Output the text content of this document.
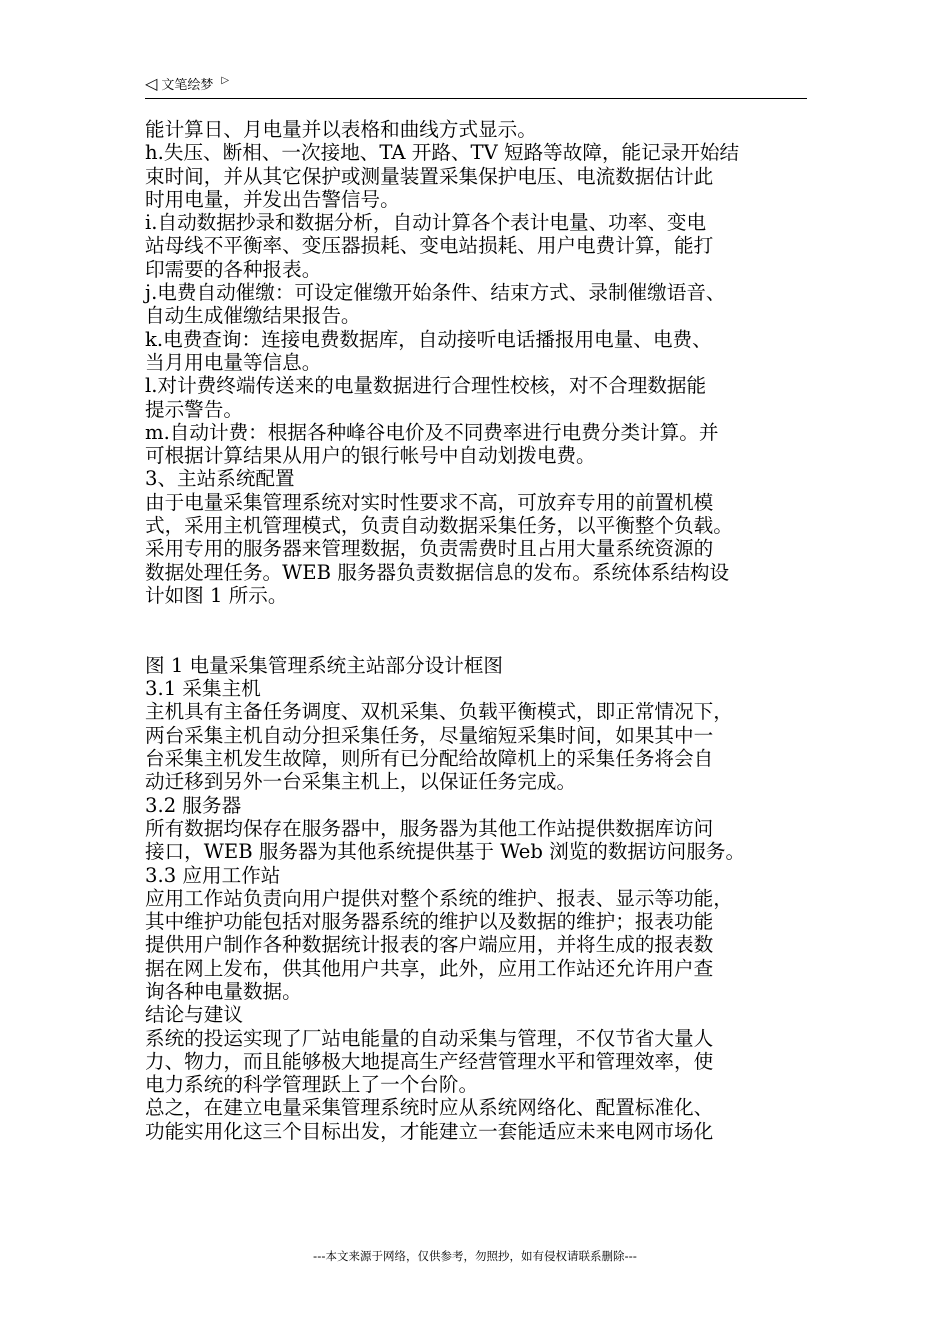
◁ 文笔绘梦 ▷
能计算日、月电量并以表格和曲线方式显示。
h.失压、断相、一次接地、TA 开路、TV 短路等故障，能记录开始结
束时间，并从其它保护或测量装置采集保护电压、电流数据估计此
时用电量，并发出告警信号。
i.自动数据抄录和数据分析，自动计算各个表计电量、功率、变电
站母线不平衡率、变压器损耗、变电站损耗、用户电费计算，能打
印需要的各种报表。
j.电费自动催缴：可设定催缴开始条件、结束方式、录制催缴语音、
自动生成催缴结果报告。
k.电费查询：连接电费数据库，自动接听电话播报用电量、电费、
当月用电量等信息。
l.对计费终端传送来的电量数据进行合理性校核，对不合理数据能
提示警告。
m.自动计费：根据各种峰谷电价及不同费率进行电费分类计算。并
可根据计算结果从用户的银行帐号中自动划拨电费。
3、主站系统配置
由于电量采集管理系统对实时性要求不高，可放弃专用的前置机模
式，采用主机管理模式，负责自动数据采集任务，以平衡整个负载。
采用专用的服务器来管理数据，负责需费时且占用大量系统资源的
数据处理任务。WEB 服务器负责数据信息的发布。系统体系结构设
计如图 1 所示。
图 1 电量采集管理系统主站部分设计框图
3.1 采集主机
主机具有主备任务调度、双机采集、负载平衡模式，即正常情况下，
两台采集主机自动分担采集任务，尽量缩短采集时间，如果其中一
台采集主机发生故障，则所有已分配给故障机上的采集任务将会自
动迁移到另外一台采集主机上，以保证任务完成。
3.2 服务器
所有数据均保存在服务器中，服务器为其他工作站提供数据库访问
接口，WEB 服务器为其他系统提供基于 Web 浏览的数据访问服务。
3.3 应用工作站
应用工作站负责向用户提供对整个系统的维护、报表、显示等功能，
其中维护功能包括对服务器系统的维护以及数据的维护；报表功能
提供用户制作各种数据统计报表的客户端应用，并将生成的报表数
据在网上发布，供其他用户共享，此外，应用工作站还允许用户查
询各种电量数据。
结论与建议
系统的投运实现了厂站电能量的自动采集与管理，不仅节省大量人
力、物力，而且能够极大地提高生产经营管理水平和管理效率，使
电力系统的科学管理跃上了一个台阶。
总之，在建立电量采集管理系统时应从系统网络化、配置标准化、
功能实用化这三个目标出发，才能建立一套能适应未来电网市场化
---本文来源于网络，仅供参考，勿照抄，如有侵权请联系删除---
